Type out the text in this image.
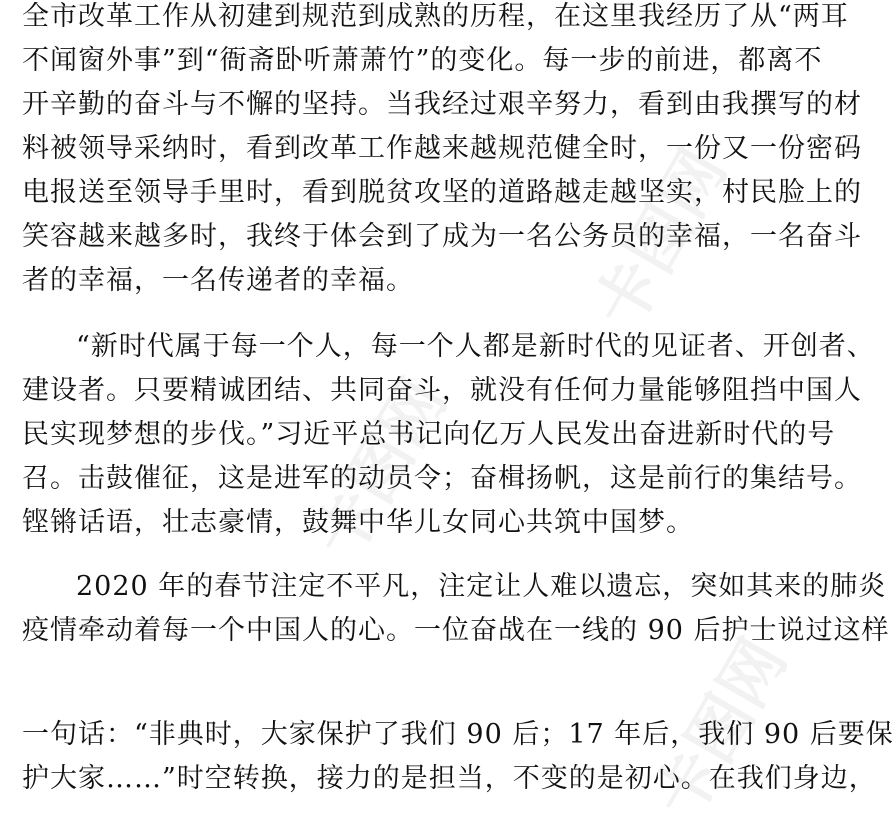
卡图网
卡图网
卡图网
全市改革工作从初建到规范到成熟的历程，在这里我经历了从“两耳
不闻窗外事”到“衙斋卧听萧萧竹”的变化。每一步的前进，都离不
开辛勤的奋斗与不懈的坚持。当我经过艰辛努力，看到由我撰写的材
料被领导采纳时，看到改革工作越来越规范健全时，一份又一份密码
电报送至领导手里时，看到脱贫攻坚的道路越走越坚实，村民脸上的
笑容越来越多时，我终于体会到了成为一名公务员的幸福，一名奋斗
者的幸福，一名传递者的幸福。
“新时代属于每一个人，每一个人都是新时代的见证者、开创者、
建设者。只要精诚团结、共同奋斗，就没有任何力量能够阻挡中国人
民实现梦想的步伐。”习近平总书记向亿万人民发出奋进新时代的号
召。击鼓催征，这是进军的动员令；奋楫扬帆，这是前行的集结号。
铿锵话语，壮志豪情，鼓舞中华儿女同心共筑中国梦。
2020 年的春节注定不平凡，注定让人难以遗忘，突如其来的肺炎
疫情牵动着每一个中国人的心。一位奋战在一线的 90 后护士说过这样
一句话：“非典时，大家保护了我们 90 后；17 年后，我们 90 后要保
护大家……”时空转换，接力的是担当，不变的是初心。在我们身边，
